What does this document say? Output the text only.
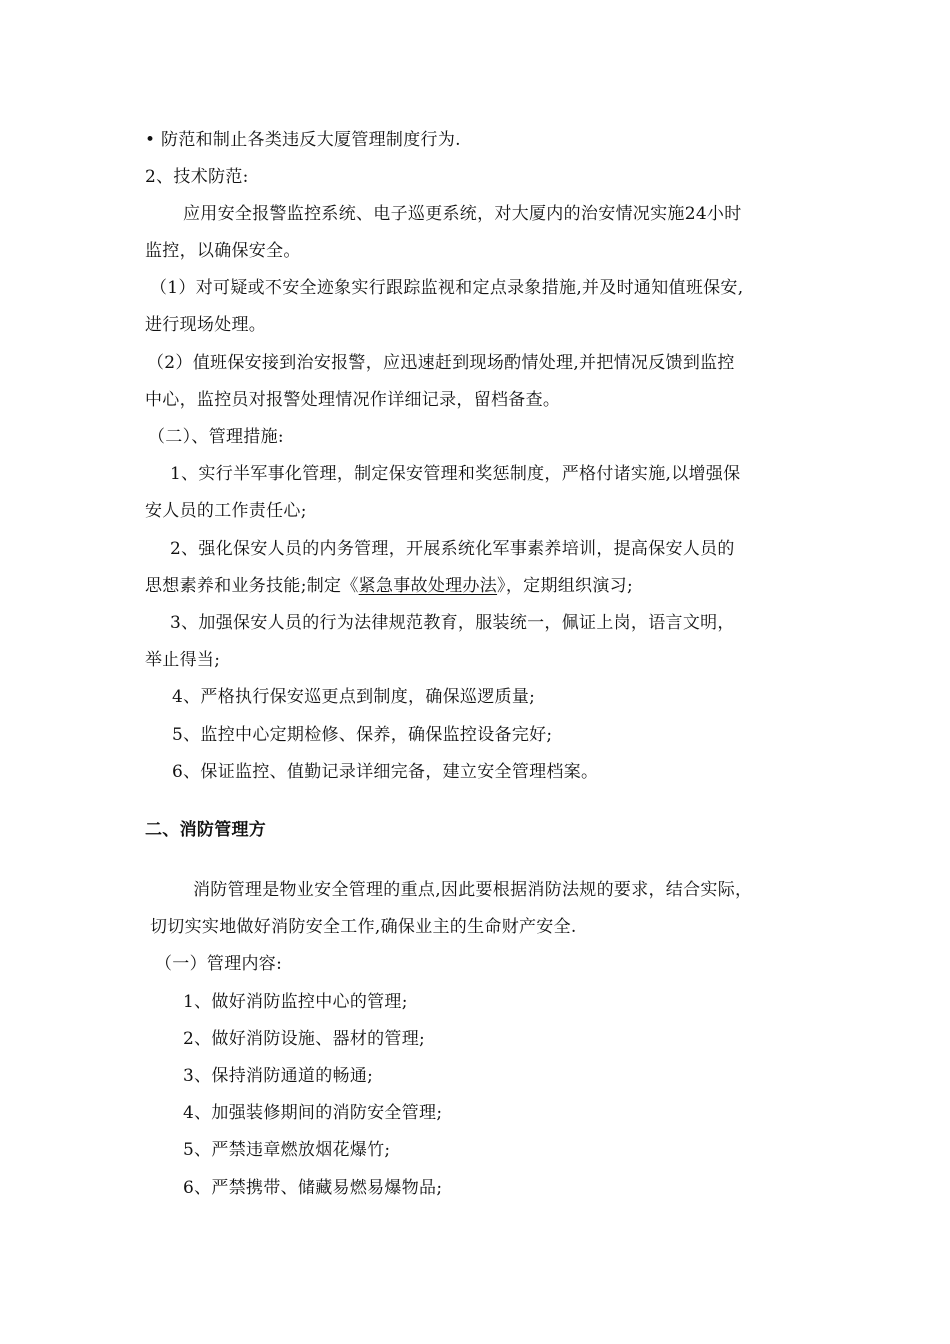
• 防范和制止各类违反大厦管理制度行为.
2、技术防范:
应用安全报警监控系统、电子巡更系统，对大厦内的治安情况实施24小时
监控，以确保安全。
（1）对可疑或不安全迹象实行跟踪监视和定点录象措施,并及时通知值班保安,
进行现场处理。
（2）值班保安接到治安报警，应迅速赶到现场酌情处理,并把情况反馈到监控
中心，监控员对报警处理情况作详细记录，留档备查。
（二）、管理措施:
1、实行半军事化管理，制定保安管理和奖惩制度，严格付诸实施,以增强保
安人员的工作责任心;
2、强化保安人员的内务管理，开展系统化军事素养培训，提高保安人员的
思想素养和业务技能;制定《紧急事故处理办法》，定期组织演习;
3、加强保安人员的行为法律规范教育，服装统一，佩证上岗，语言文明，
举止得当;
4、严格执行保安巡更点到制度，确保巡逻质量;
5、监控中心定期检修、保养，确保监控设备完好;
6、保证监控、值勤记录详细完备，建立安全管理档案。
二、消防管理方
消防管理是物业安全管理的重点,因此要根据消防法规的要求，结合实际，
切切实实地做好消防安全工作,确保业主的生命财产安全.
（一）管理内容:
1、做好消防监控中心的管理;
2、做好消防设施、器材的管理;
3、保持消防通道的畅通;
4、加强装修期间的消防安全管理;
5、严禁违章燃放烟花爆竹;
6、严禁携带、储藏易燃易爆物品;
